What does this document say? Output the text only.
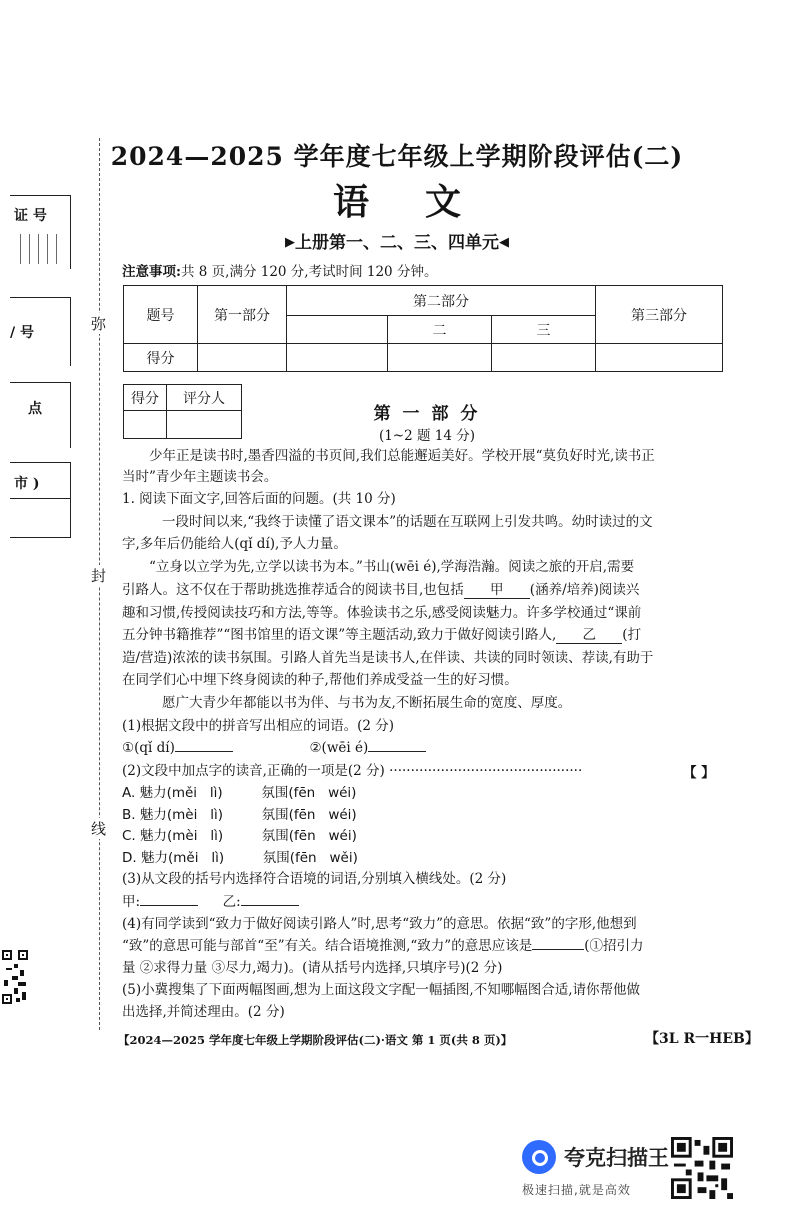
证 号
/ 号
点
市 )
弥
封
线
2024—2025 学年度七年级上学期阶段评估(二)
语文
▶上册第一、二、三、四单元◀
注意事项:共 8 页,满分 120 分,考试时间 120 分钟。
题号	第一部分	第二部分			第三部分
			二	三	
得分					
得分	评分人

第 一 部 分
(1~2 题 14 分)
少年正是读书时,墨香四溢的书页间,我们总能邂逅美好。学校开展“莫负好时光,读书正
当时”青少年主题读书会。
1. 阅读下面文字,回答后面的问题。(共 10 分)
一段时间以来,“我终于读懂了语文课本”的话题在互联网上引发共鸣。幼时读过的文
字,多年后仍能给人(qǐ dí),予人力量。
“立身以立学为先,立学以读书为本。”书山(wēi é),学海浩瀚。阅读之旅的开启,需要
引路人。这不仅在于帮助挑选推荐适合的阅读书目,也包括 甲 (涵养/培养)阅读兴
趣和习惯,传授阅读技巧和方法,等等。体验读书之乐,感受阅读魅力。许多学校通过“课前
五分钟书籍推荐”“图书馆里的语文课”等主题活动,致力于做好阅读引路人, 乙 (打
造/营造)浓浓的读书氛围。引路人首先当是读书人,在伴读、共读的同时领读、荐读,有助于
在同学们心中埋下终身阅读的种子,帮他们养成受益一生的好习惯。
愿广大青少年都能以书为伴、与书为友,不断拓展生命的宽度、厚度。
(1)根据文段中的拼音写出相应的词语。(2 分)
①(qǐ dí)	②(wēi é)
(2)文段中加点字的读音,正确的一项是(2 分) ·············································	【 】
A. 魅力(měi   lì)         氛围(fēn   wéi)
B. 魅力(mèi   lì)         氛围(fēn   wéi)
C. 魅力(mèi   lì)         氛围(fēn   wéi)
D. 魅力(měi   lì)         氛围(fēn   wěi)
(3)从文段的括号内选择符合语境的词语,分别填入横线处。(2 分)
甲:	乙:
(4)有同学读到“致力于做好阅读引路人”时,思考“致力”的意思。依据“致”的字形,他想到
“致”的意思可能与部首“至”有关。结合语境推测,“致力”的意思应该是	(①招引力
量 ②求得力量 ③尽力,竭力)。(请从括号内选择,只填序号)(2 分)
(5)小冀搜集了下面两幅图画,想为上面这段文字配一幅插图,不知哪幅图合适,请你帮他做
出选择,并简述理由。(2 分)
【2024—2025 学年度七年级上学期阶段评估(二)·语文 第 1 页(共 8 页)】	【3L R一HEB】
夸克扫描王
极速扫描,就是高效
